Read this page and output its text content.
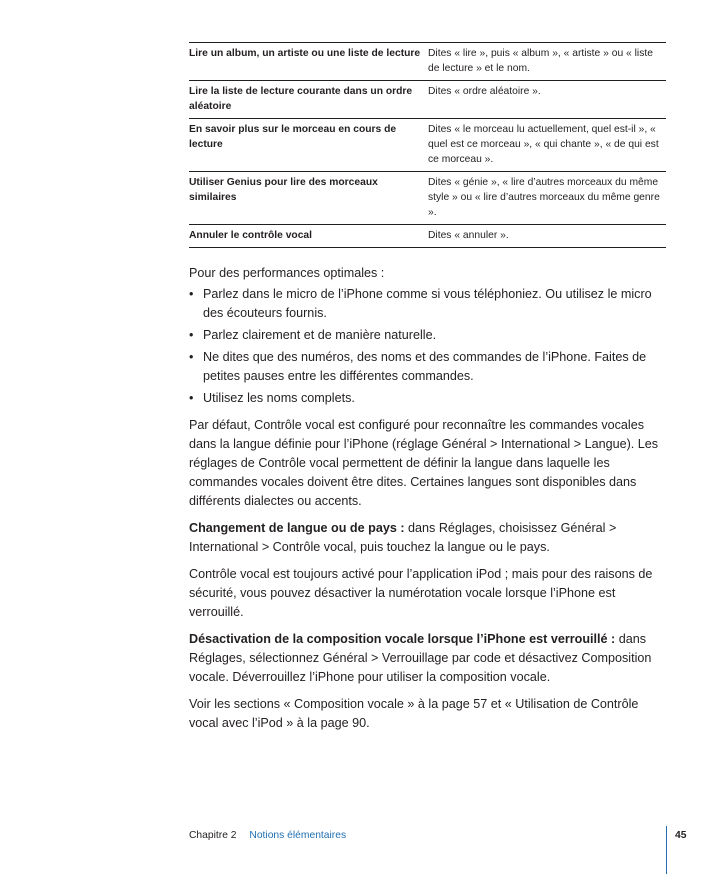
Lire un album, un artiste ou une liste de lecture Dites « lire », puis « album », « artiste » ou « liste de lecture » et le nom.
Lire la liste de lecture courante dans un ordre aléatoire
Dites « ordre aléatoire ».
En savoir plus sur le morceau en cours de lecture
Dites « le morceau lu actuellement, quel est-il », « quel est ce morceau », « qui chante », « de qui est ce morceau ».
Utiliser Genius pour lire des morceaux similaires
Dites « génie », « lire d’autres morceaux du même style » ou « lire d’autres morceaux du même genre ».
Annuler le contrôle vocal	Dites « annuler ».

Pour des performances optimales :

• Parlez dans le micro de l’iPhone comme si vous téléphoniez. Ou utilisez le micro des écouteurs fournis.
• Parlez clairement et de manière naturelle.
• Ne dites que des numéros, des noms et des commandes de l’iPhone. Faites de petites pauses entre les différentes commandes.
• Utilisez les noms complets.

Par défaut, Contrôle vocal est configuré pour reconnaître les commandes vocales dans la langue définie pour l’iPhone (réglage Général > International > Langue). Les réglages de Contrôle vocal permettent de définir la langue dans laquelle les commandes vocales doivent être dites. Certaines langues sont disponibles dans différents dialectes ou accents.

Changement de langue ou de pays : dans Réglages, choisissez Général > International > Contrôle vocal, puis touchez la langue ou le pays.

Contrôle vocal est toujours activé pour l’application iPod ; mais pour des raisons de sécurité, vous pouvez désactiver la numérotation vocale lorsque l’iPhone est verrouillé.

Désactivation de la composition vocale lorsque l’iPhone est verrouillé : dans Réglages, sélectionnez Général > Verrouillage par code et désactivez Composition vocale. Déverrouillez l’iPhone pour utiliser la composition vocale.

Voir les sections « Composition vocale » à la page 57 et « Utilisation de Contrôle vocal avec l’iPod » à la page 90.

Chapitre 2 Notions élémentaires	45
